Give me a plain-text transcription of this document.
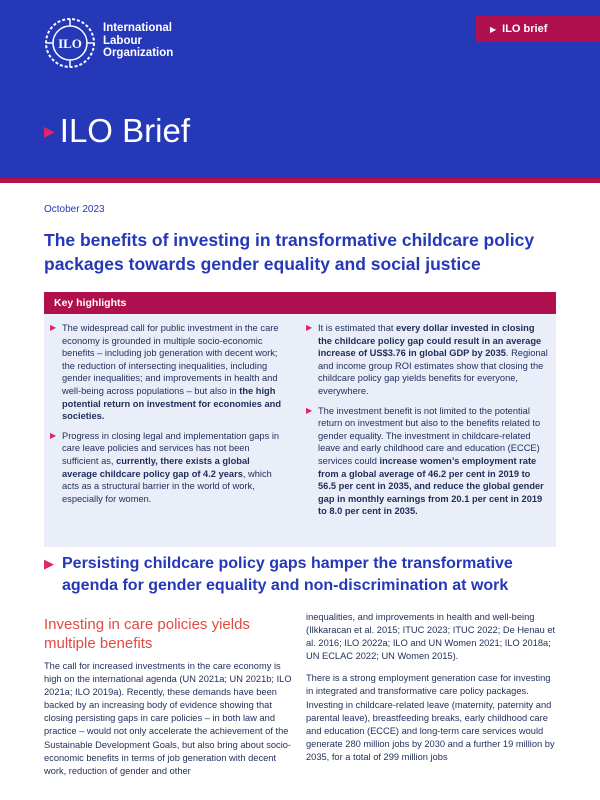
ILO
International
Labour
Organization
▶ ILO brief
▶ ILO Brief
October 2023
The benefits of investing in transformative childcare policy packages towards gender equality and social justice
Key highlights
▶ The widespread call for public investment in the care economy is grounded in multiple socio-economic benefits – including job generation with decent work; the reduction of intersecting inequalities, including gender inequalities; and improvements in health and well-being across populations – but also in the high potential return on investment for economies and societies.
▶ Progress in closing legal and implementation gaps in care leave policies and services has not been sufficient as, currently, there exists a global average childcare policy gap of 4.2 years, which acts as a structural barrier in the world of work, especially for women.
▶ It is estimated that every dollar invested in closing the childcare policy gap could result in an average increase of US$3.76 in global GDP by 2035. Regional and income group ROI estimates show that closing the childcare policy gap yields benefits for everyone, everywhere.
▶ The investment benefit is not limited to the potential return on investment but also to the benefits related to gender equality. The investment in childcare-related leave and early childhood care and education (ECCE) services could increase women’s employment rate from a global average of 46.2 per cent in 2019 to 56.5 per cent in 2035, and reduce the global gender gap in monthly earnings from 20.1 per cent in 2019 to 8.0 per cent in 2035.
▶ Persisting childcare policy gaps hamper the transformative agenda for gender equality and non-discrimination at work
Investing in care policies yields multiple benefits

The call for increased investments in the care economy is high on the international agenda (UN 2021a; UN 2021b; ILO 2021a; ILO 2019a). Recently, these demands have been backed by an increasing body of evidence showing that closing persisting gaps in care policies – in both law and practice – would not only accelerate the achievement of the Sustainable Development Goals, but also bring about socio-economic benefits in terms of job generation with decent work, reduction of gender and other

inequalities, and improvements in health and well-being (Ilkkaracan et al. 2015; ITUC 2023; ITUC 2022; De Henau et al. 2016; ILO 2022a; ILO and UN Women 2021; ILO 2018a; UN ECLAC 2022; UN Women 2015).

There is a strong employment generation case for investing in integrated and transformative care policy packages. Investing in childcare-related leave (maternity, paternity and parental leave), breastfeeding breaks, early childhood care and education (ECCE) and long-term care services would generate 280 million jobs by 2030 and a further 19 million by 2035, for a total of 299 million jobs
